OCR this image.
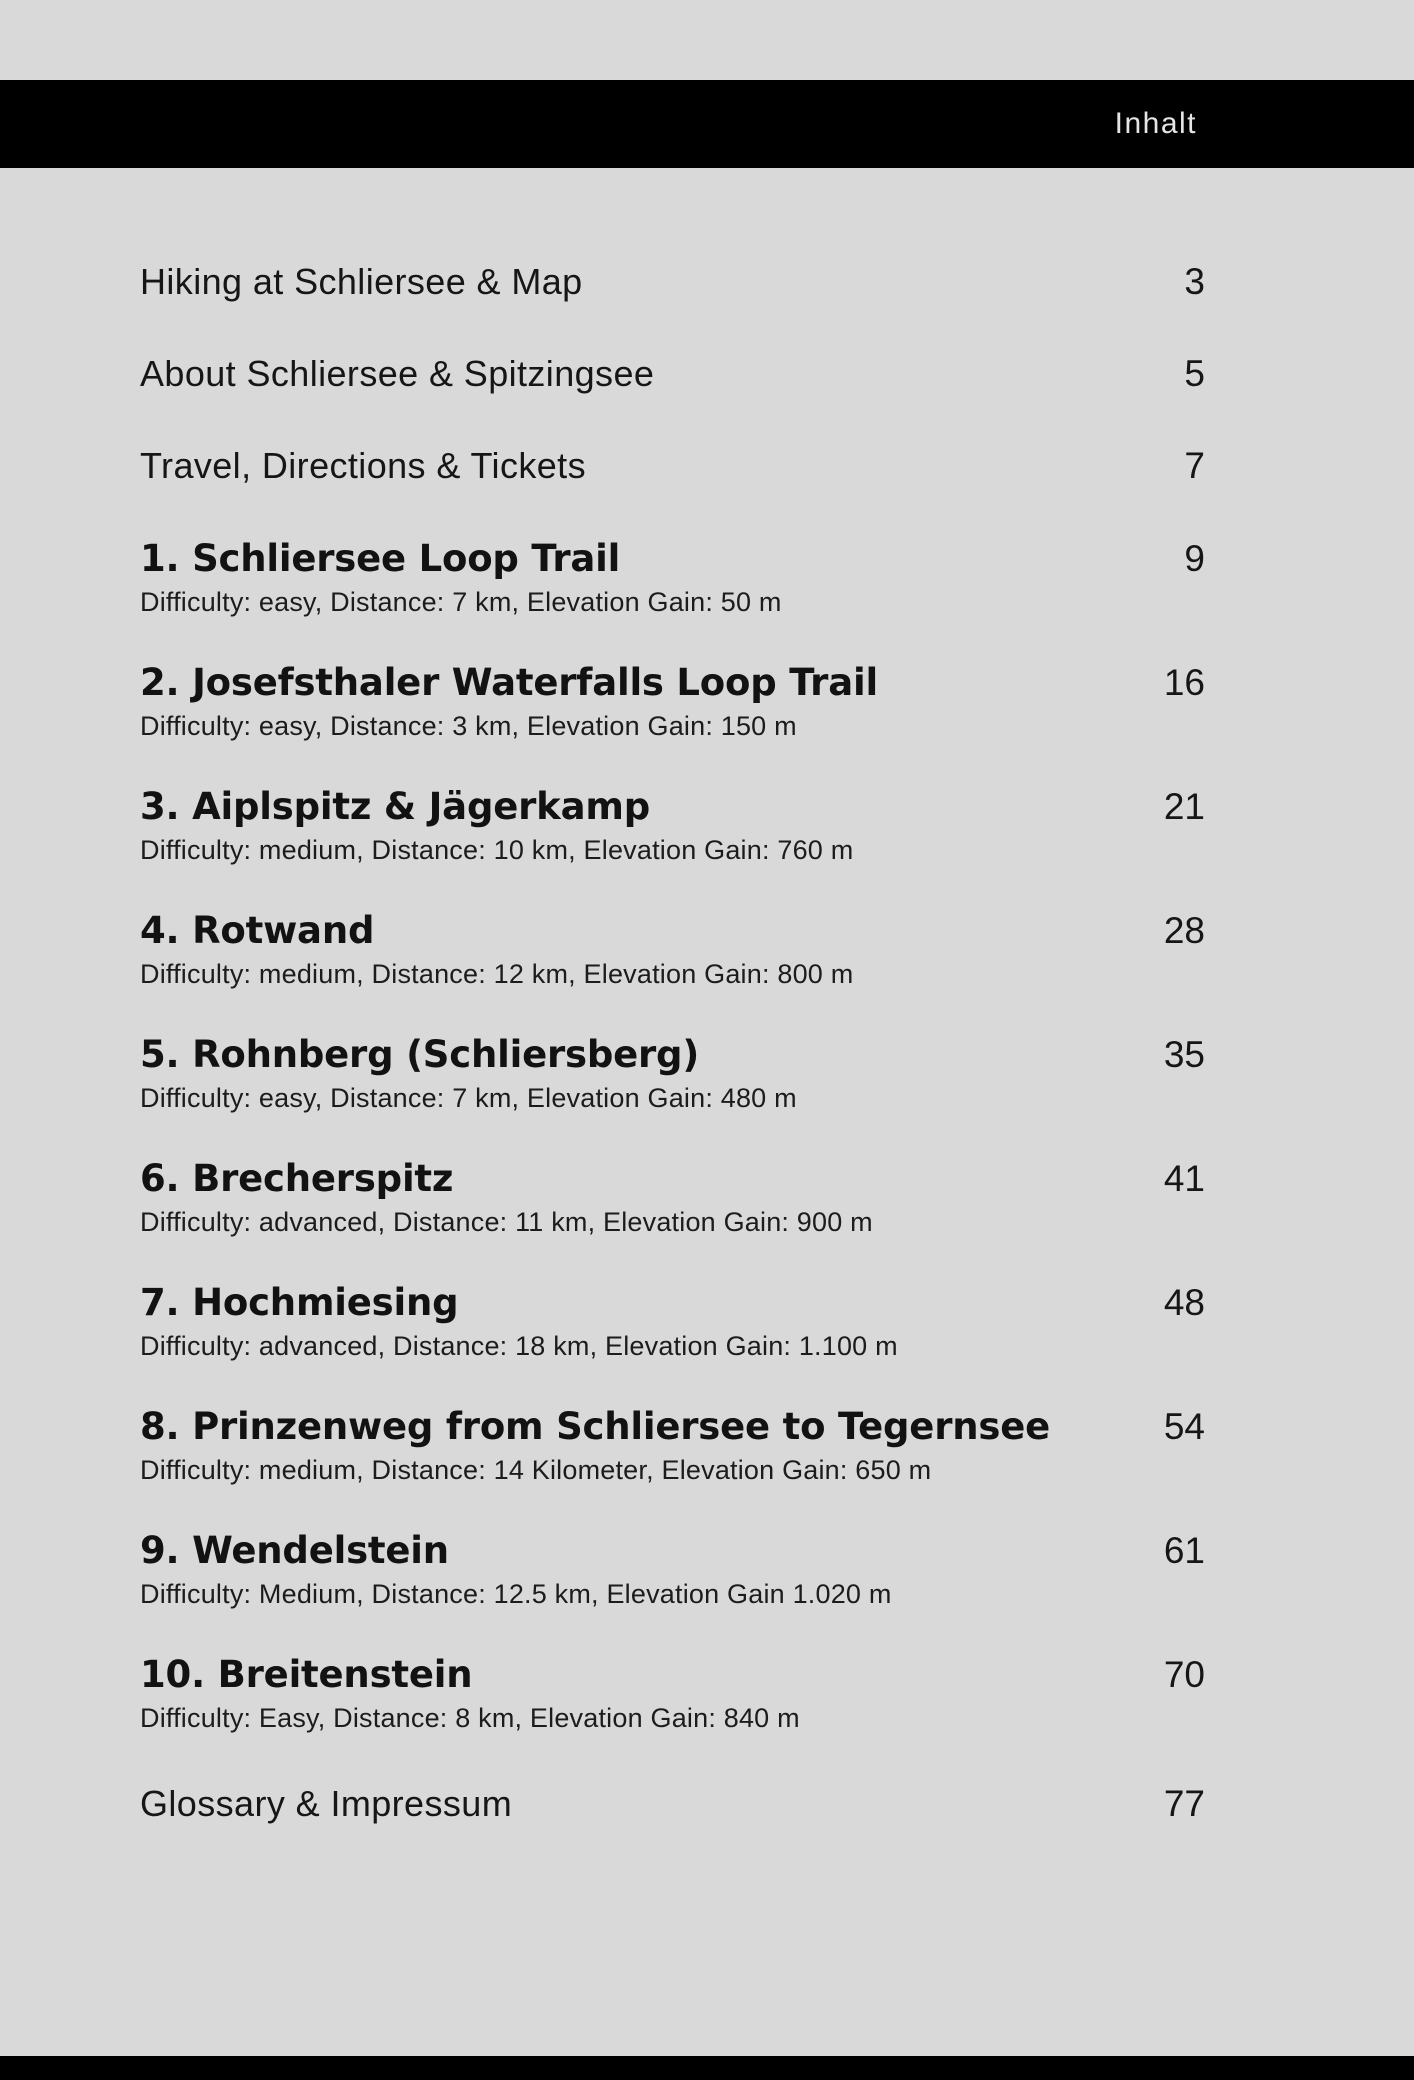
Inhalt
Hiking at Schliersee & Map	3
About Schliersee & Spitzingsee	5
Travel, Directions & Tickets	7
1. Schliersee Loop Trail	9
Difficulty: easy, Distance: 7 km, Elevation Gain: 50 m
2. Josefsthaler Waterfalls Loop Trail	16
Difficulty: easy, Distance: 3 km, Elevation Gain: 150 m
3. Aiplspitz & Jägerkamp	21
Difficulty: medium, Distance: 10 km, Elevation Gain: 760 m
4. Rotwand	28
Difficulty: medium, Distance: 12 km, Elevation Gain: 800 m
5. Rohnberg (Schliersberg)	35
Difficulty: easy, Distance: 7 km, Elevation Gain: 480 m
6. Brecherspitz	41
Difficulty: advanced, Distance: 11 km, Elevation Gain: 900 m
7. Hochmiesing	48
Difficulty: advanced, Distance: 18 km, Elevation Gain: 1.100 m
8. Prinzenweg from Schliersee to Tegernsee	54
Difficulty: medium, Distance: 14 Kilometer, Elevation Gain: 650 m
9. Wendelstein	61
Difficulty: Medium, Distance: 12.5 km, Elevation Gain 1.020 m
10. Breitenstein	70
Difficulty: Easy, Distance: 8 km, Elevation Gain: 840 m
Glossary & Impressum	77
